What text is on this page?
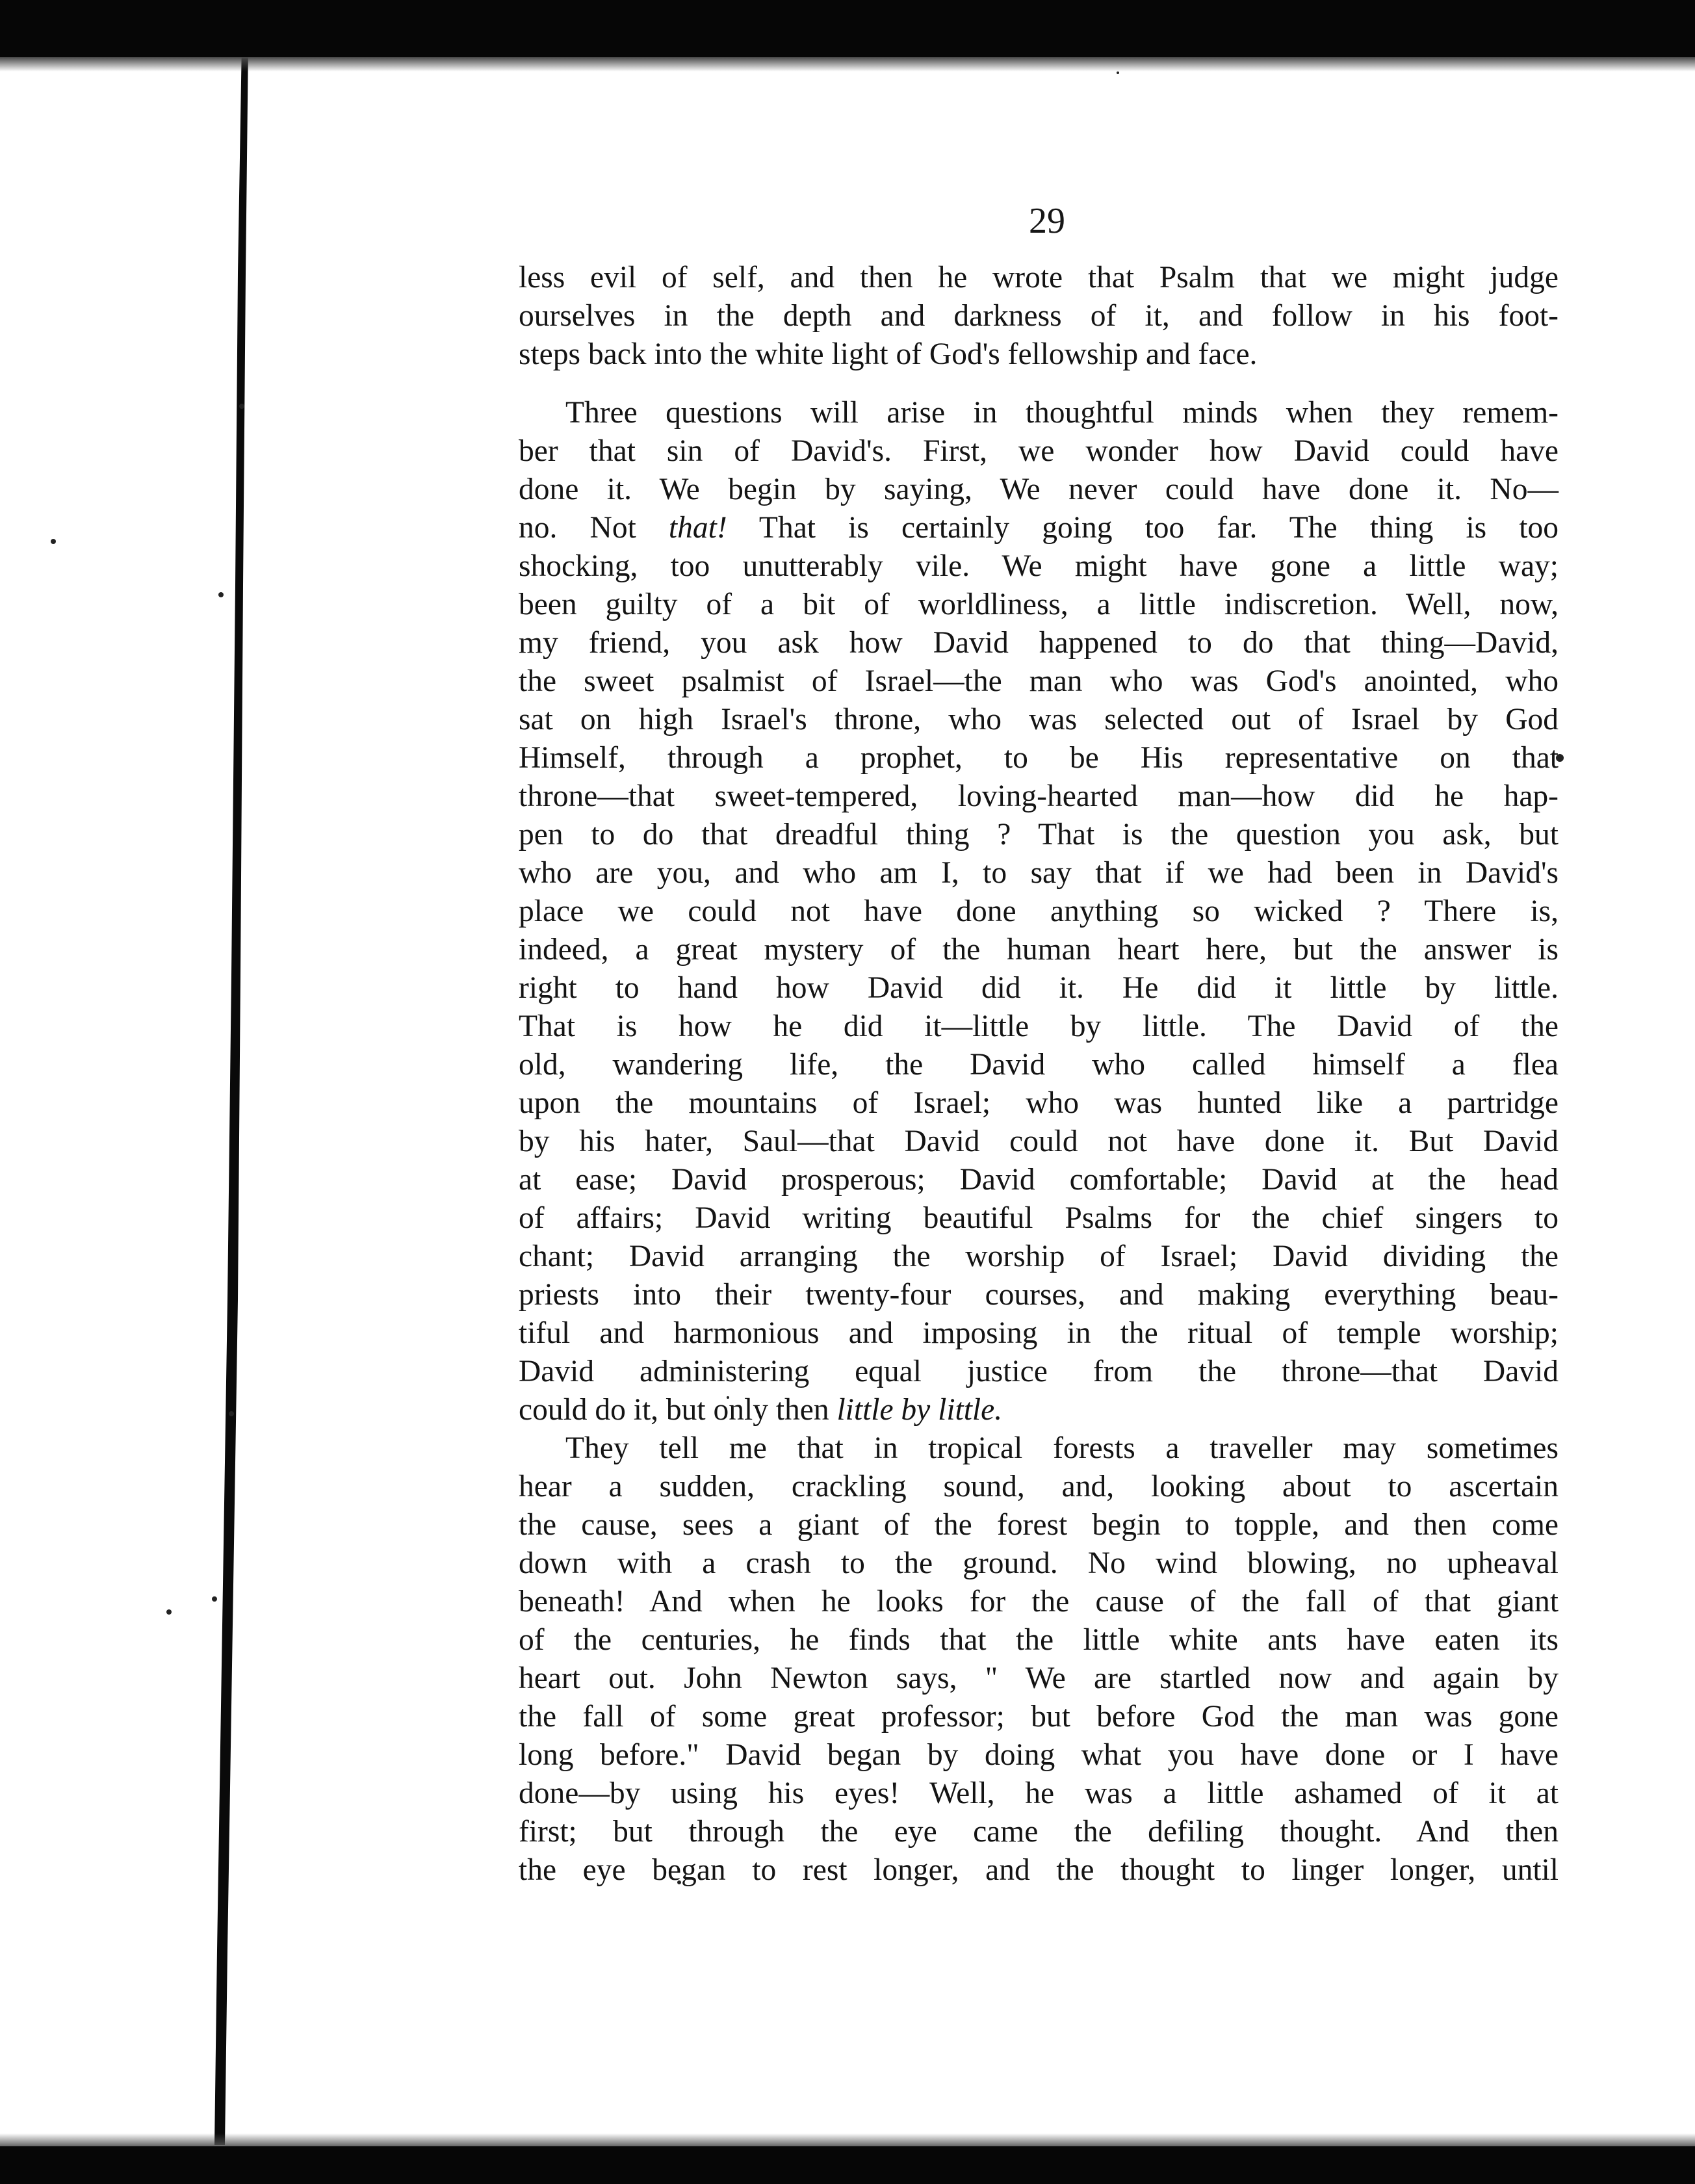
29

less evil of self, and then he wrote that Psalm that we might judge
ourselves in the depth and darkness of it, and follow in his foot-
steps back into the white light of God's fellowship and face.

Three questions will arise in thoughtful minds when they remem-
ber that sin of David's. First, we wonder how David could have
done it. We begin by saying, We never could have done it. No—
no. Not that! That is certainly going too far. The thing is too
shocking, too unutterably vile. We might have gone a little way;
been guilty of a bit of worldliness, a little indiscretion. Well, now,
my friend, you ask how David happened to do that thing—David,
the sweet psalmist of Israel—the man who was God's anointed, who
sat on high Israel's throne, who was selected out of Israel by God
Himself, through a prophet, to be His representative on that
throne—that sweet-tempered, loving-hearted man—how did he hap-
pen to do that dreadful thing ? That is the question you ask, but
who are you, and who am I, to say that if we had been in David's
place we could not have done anything so wicked ? There is,
indeed, a great mystery of the human heart here, but the answer is
right to hand how David did it. He did it little by little.
That is how he did it—little by little. The David of the
old, wandering life, the David who called himself a flea
upon the mountains of Israel; who was hunted like a partridge
by his hater, Saul—that David could not have done it. But David
at ease; David prosperous; David comfortable; David at the head
of affairs; David writing beautiful Psalms for the chief singers to
chant; David arranging the worship of Israel; David dividing the
priests into their twenty-four courses, and making everything beau-
tiful and harmonious and imposing in the ritual of temple worship;
David administering equal justice from the throne—that David
could do it, but only then little by little.

They tell me that in tropical forests a traveller may sometimes
hear a sudden, crackling sound, and, looking about to ascertain
the cause, sees a giant of the forest begin to topple, and then come
down with a crash to the ground. No wind blowing, no upheaval
beneath! And when he looks for the cause of the fall of that giant
of the centuries, he finds that the little white ants have eaten its
heart out. John Newton says, " We are startled now and again by
the fall of some great professor; but before God the man was gone
long before." David began by doing what you have done or I have
done—by using his eyes! Well, he was a little ashamed of it at
first; but through the eye came the defiling thought. And then
the eye began to rest longer, and the thought to linger longer, until
